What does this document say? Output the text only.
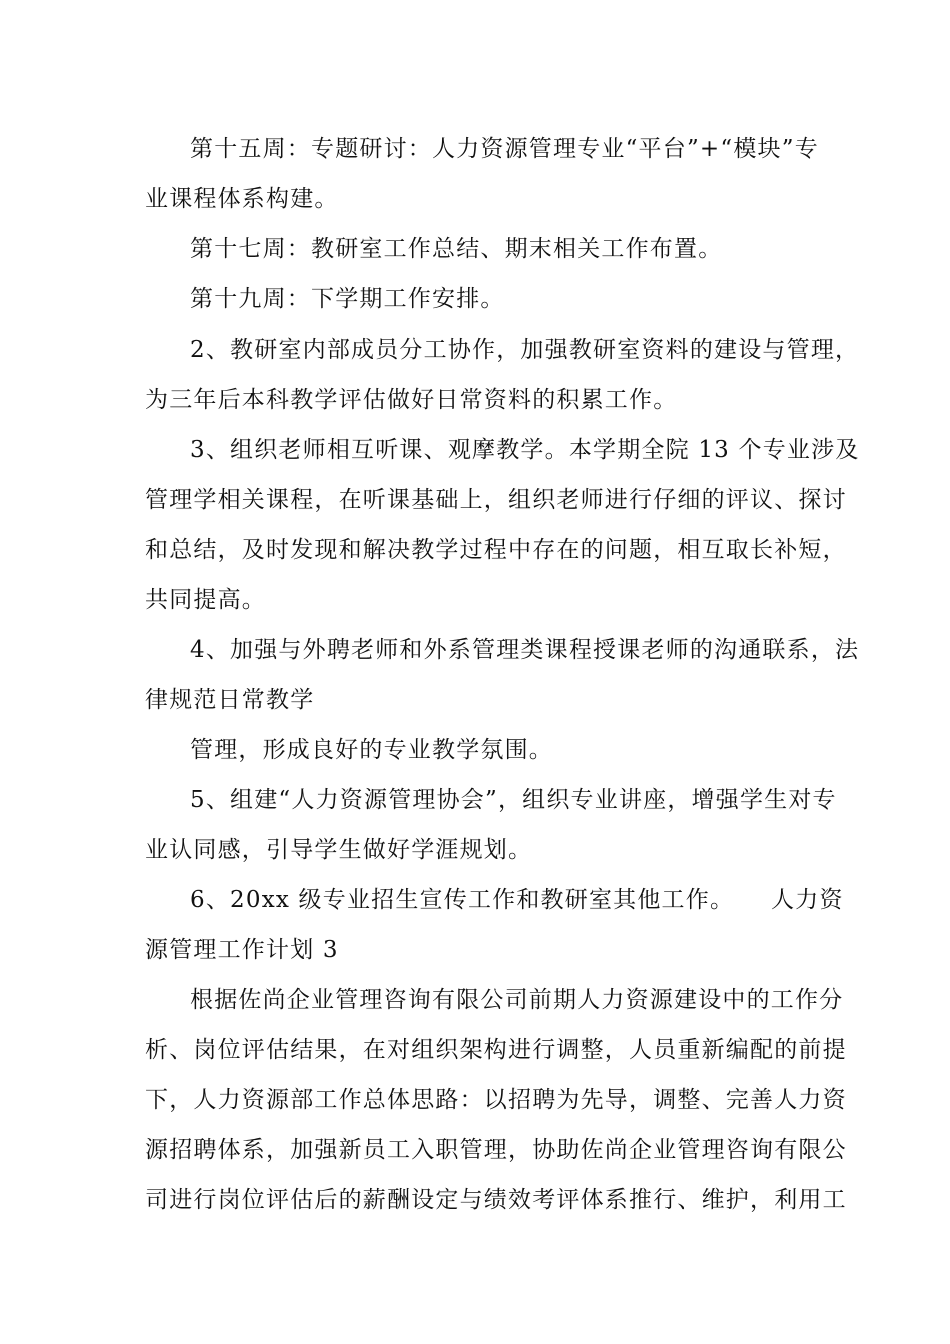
第十五周：专题研讨：人力资源管理专业“平台”+“模块”专
业课程体系构建。
第十七周：教研室工作总结、期末相关工作布置。
第十九周：下学期工作安排。
2、教研室内部成员分工协作，加强教研室资料的建设与管理，
为三年后本科教学评估做好日常资料的积累工作。
3、组织老师相互听课、观摩教学。本学期全院 13 个专业涉及
管理学相关课程，在听课基础上，组织老师进行仔细的评议、探讨
和总结，及时发现和解决教学过程中存在的问题，相互取长补短，
共同提高。
4、加强与外聘老师和外系管理类课程授课老师的沟通联系，法
律规范日常教学
管理，形成良好的专业教学氛围。
5、组建“人力资源管理协会”，组织专业讲座，增强学生对专
业认同感，引导学生做好学涯规划。
6、20xx 级专业招生宣传工作和教研室其他工作。　　人力资
源管理工作计划 3
根据佐尚企业管理咨询有限公司前期人力资源建设中的工作分
析、岗位评估结果，在对组织架构进行调整，人员重新编配的前提
下，人力资源部工作总体思路：以招聘为先导，调整、完善人力资
源招聘体系，加强新员工入职管理，协助佐尚企业管理咨询有限公
司进行岗位评估后的薪酬设定与绩效考评体系推行、维护，利用工
